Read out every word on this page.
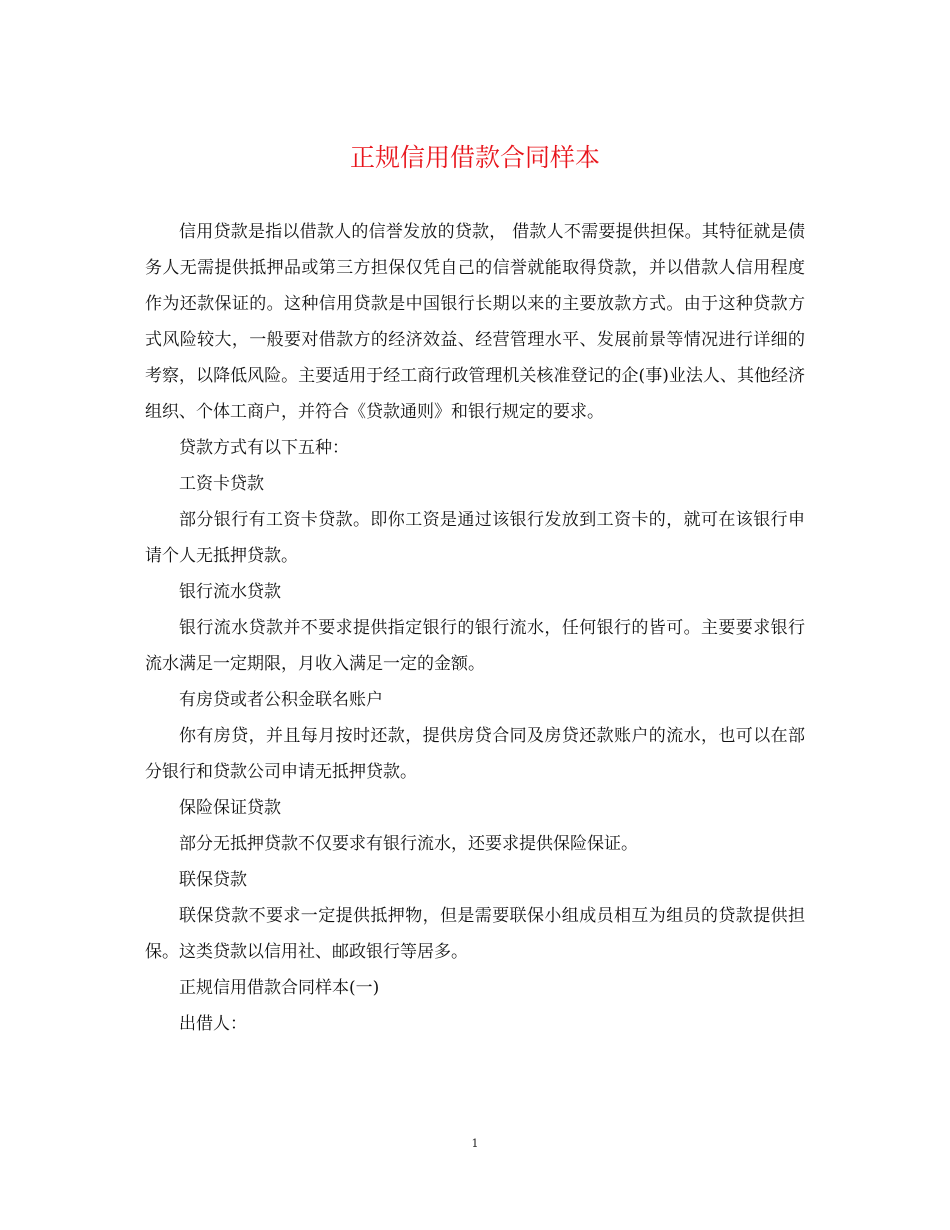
正规信用借款合同样本

信用贷款是指以借款人的信誉发放的贷款， 借款人不需要提供担保。其特征就是债务人无需提供抵押品或第三方担保仅凭自己的信誉就能取得贷款，并以借款人信用程度作为还款保证的。这种信用贷款是中国银行长期以来的主要放款方式。由于这种贷款方式风险较大，一般要对借款方的经济效益、经营管理水平、发展前景等情况进行详细的考察，以降低风险。主要适用于经工商行政管理机关核准登记的企(事)业法人、其他经济组织、个体工商户，并符合《贷款通则》和银行规定的要求。

贷款方式有以下五种：

工资卡贷款

部分银行有工资卡贷款。即你工资是通过该银行发放到工资卡的，就可在该银行申请个人无抵押贷款。

银行流水贷款

银行流水贷款并不要求提供指定银行的银行流水，任何银行的皆可。主要要求银行流水满足一定期限，月收入满足一定的金额。

有房贷或者公积金联名账户

你有房贷，并且每月按时还款，提供房贷合同及房贷还款账户的流水，也可以在部分银行和贷款公司申请无抵押贷款。

保险保证贷款

部分无抵押贷款不仅要求有银行流水，还要求提供保险保证。

联保贷款

联保贷款不要求一定提供抵押物，但是需要联保小组成员相互为组员的贷款提供担保。这类贷款以信用社、邮政银行等居多。

正规信用借款合同样本(一)

出借人：

1
